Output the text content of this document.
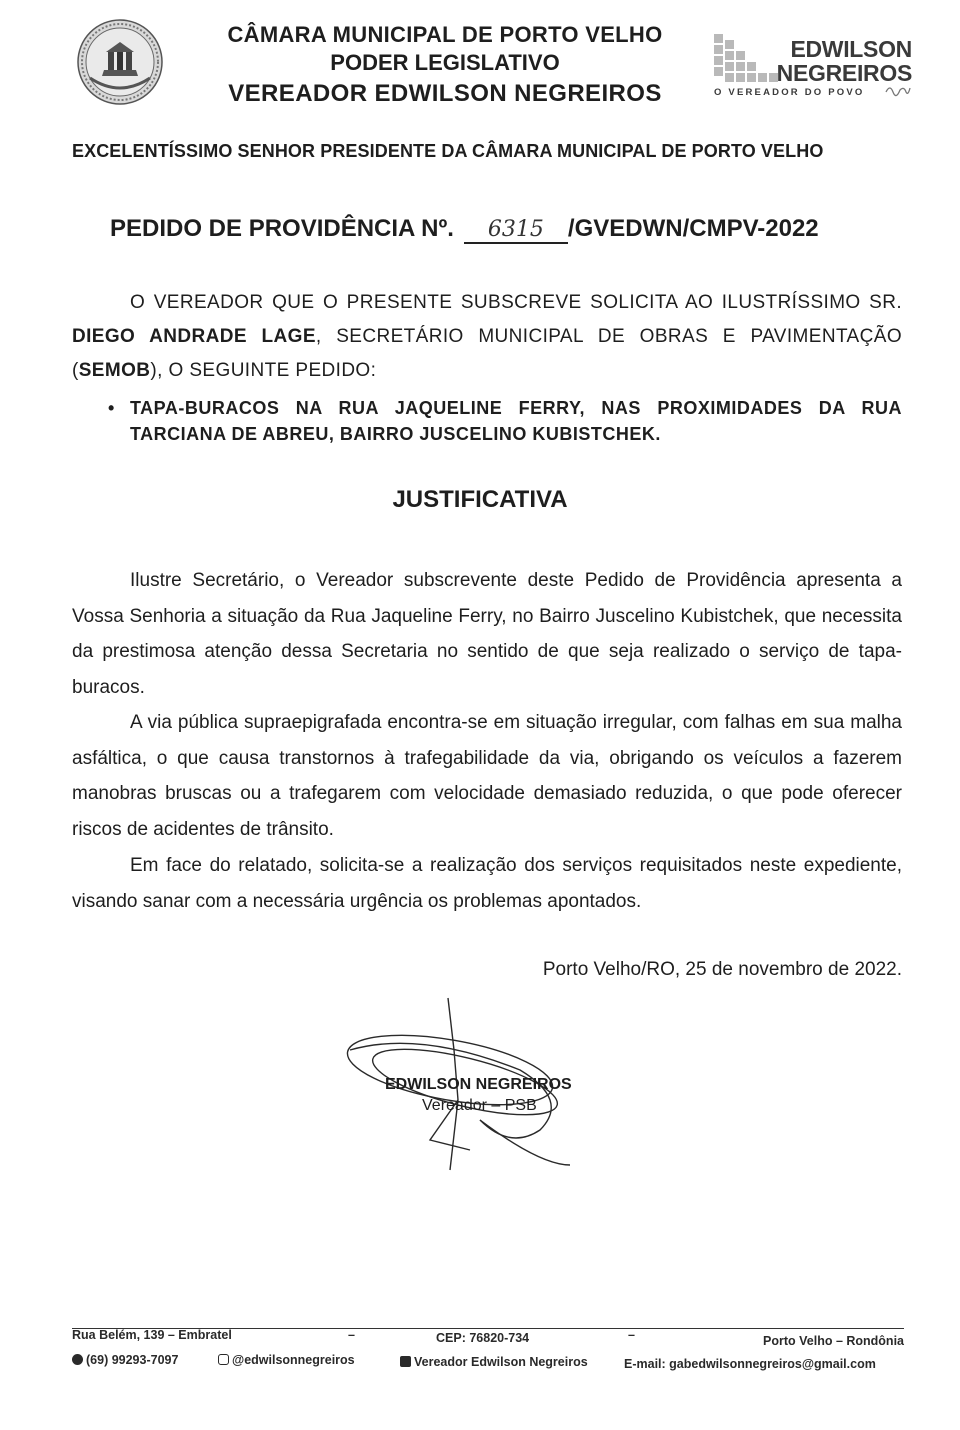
CÂMARA MUNICIPAL DE PORTO VELHO
PODER LEGISLATIVO
VEREADOR EDWILSON NEGREIROS
EDWILSON
NEGREIROS
O VEREADOR DO POVO
EXCELENTÍSSIMO SENHOR PRESIDENTE DA CÂMARA MUNICIPAL DE PORTO VELHO
PEDIDO DE PROVIDÊNCIA Nº. 6315 /GVEDWN/CMPV-2022
O VEREADOR QUE O PRESENTE SUBSCREVE SOLICITA AO ILUSTRÍSSIMO SR. DIEGO ANDRADE LAGE, SECRETÁRIO MUNICIPAL DE OBRAS E PAVIMENTAÇÃO (SEMOB), O SEGUINTE PEDIDO:
• TAPA-BURACOS NA RUA JAQUELINE FERRY, NAS PROXIMIDADES DA RUA TARCIANA DE ABREU, BAIRRO JUSCELINO KUBISTCHEK.
JUSTIFICATIVA
Ilustre Secretário, o Vereador subscrevente deste Pedido de Providência apresenta a Vossa Senhoria a situação da Rua Jaqueline Ferry, no Bairro Juscelino Kubistchek, que necessita da prestimosa atenção dessa Secretaria no sentido de que seja realizado o serviço de tapa-buracos.
A via pública supraepigrafada encontra-se em situação irregular, com falhas em sua malha asfáltica, o que causa transtornos à trafegabilidade da via, obrigando os veículos a fazerem manobras bruscas ou a trafegarem com velocidade demasiado reduzida, o que pode oferecer riscos de acidentes de trânsito.
Em face do relatado, solicita-se a realização dos serviços requisitados neste expediente, visando sanar com a necessária urgência os problemas apontados.
Porto Velho/RO, 25 de novembro de 2022.
EDWILSON NEGREIROS
Vereador – PSB
Rua Belém, 139 – Embratel	–	CEP: 76820-734	–	Porto Velho – Rondônia
(69) 99293-7097	@edwilsonnegreiros	Vereador Edwilson Negreiros	E-mail: gabedwilsonnegreiros@gmail.com
